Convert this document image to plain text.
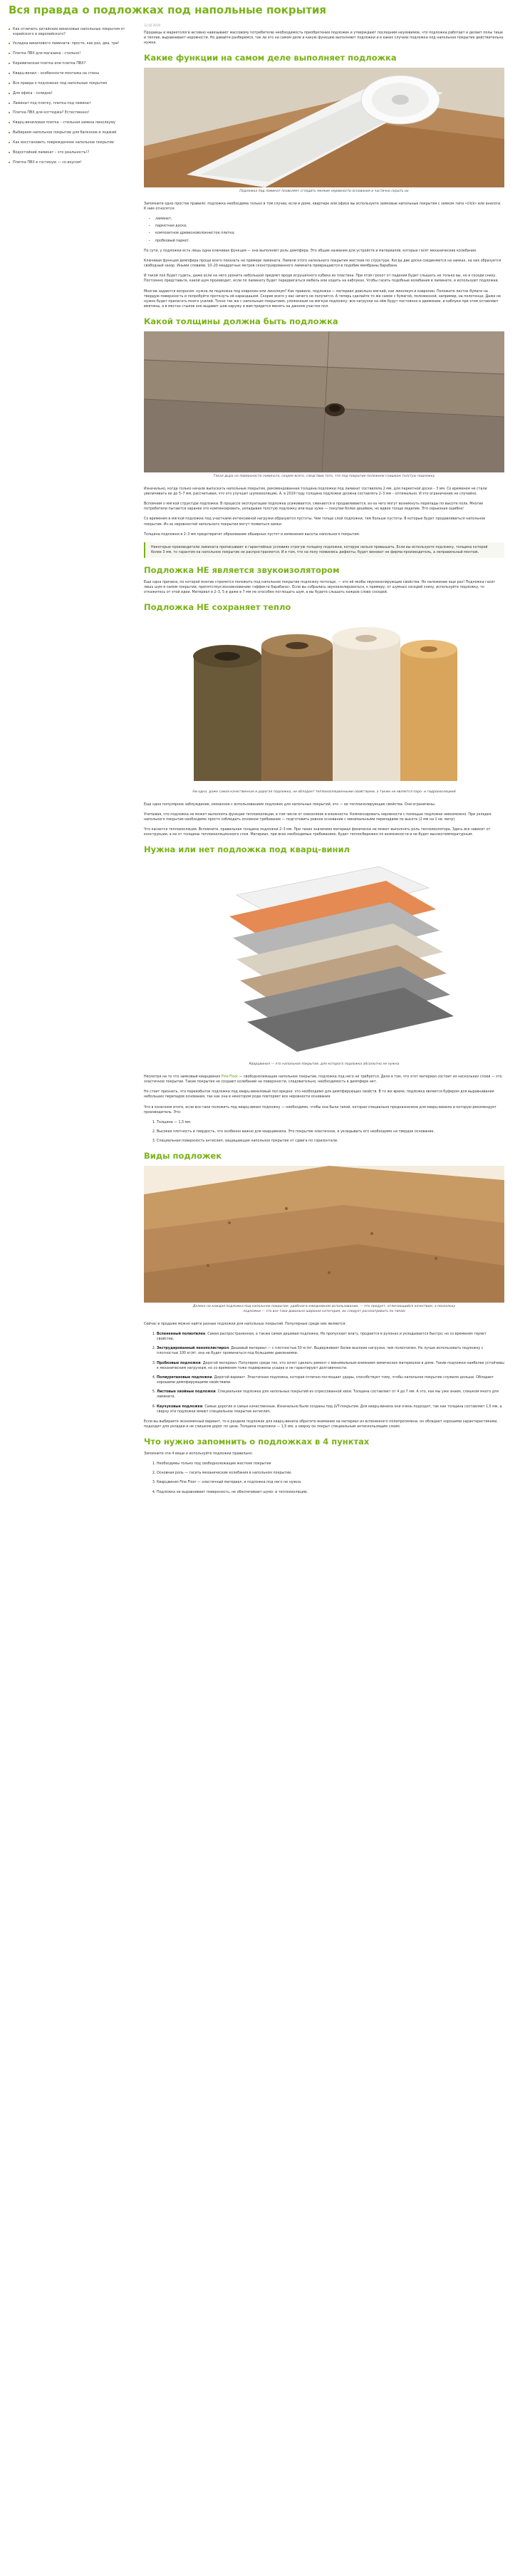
Вся правда о подложках под напольные покрытия
Как отличить китайские виниловые напольные покрытия от корейского и европейского?
Укладка винилового ламината: просто, как раз, два, три!
Плитка ПВХ для магазина - стильно!
Керамическая плитка или плитка ПВХ?
Кварц-винил – особенности монтажа на стены
Вся правда о подложках под напольные покрытия
Для офиса - солидно!
Ламинат под плитку, плитка под ламинат
Плитка ПВХ для коттеджа? Естественно!
Кварц-виниловая плитка – стильная замена линолеуму
Выбираем напольное покрытие для балконов и лоджий
Как восстановить поврежденное напольное покрытие
Водостойкий ламинат – это реальность!?
Плитка ПВХ в гостиную — со вкусом!
12.02.2019

Продавцы и маркетологи активно навязывают массовому потребителю необходимость приобретения подложек и утверждают последним неуязвимое, что подложка работает и делает полы тише и теплее, выравнивает неровности. Но давайте разберемся, так ли это на самом деле и какую функцию выполняют подложки и в каких случаях подложка под напольное покрытие действительно нужна.

Какие функции на самом деле выполняет подложка
Подложка под ламинат позволяет сгладить мелкие неровности основания и частично скрыть их

Запомните одно простое правило: подложка необходима только в том случае, если в доме, квартире или офисе вы используете замковые напольные покрытия с замком типа «click» или аналоги. К ним относятся:

• ламинат;
• паркетная доска;
• композитное древесноволокнистое плитка;
• пробковый паркет.

По сути, у подложки есть лишь одна ключевая функция — она выполняет роль демпфера. Это общие названия для устройств и материалов, которые гасят механические колебания.

Ключевая функция демпфера проще всего показать на примере ламината. Ламели этого напольного покрытия жесткие по структуре. Когда две доски соединяются на замках, на них образуется свободный зазор. Иными словами, 10–20 квадратных метров сконструированного ламината превращаются в подобие мембраны барабана.

И такой пол будет гудеть, даже если на него уронить небольшой предмет вроде игрушечного кубика из пластика. При этом грохот от падения будет слышать не только вы, но и соседи снизу. Постоянно представьте, какой шум производит, если по ламинату будет передвигаться мебель или ходить на каблуках. Чтобы гасить подобные колебания в ламинате, и используют подложки.

Многие задаются вопросом: нужна ли подложка под ковролин или линолеум? Как правило, подложка — материал довольно мягкий, как линолеум и ковролин. Положите листок бумаги на твердую поверхность и попробуйте проткнуть её карандашом. Скорее всего у вас ничего не получится. А теперь сделайте то же самое с бумагой, положенной, например, на полотенце. Даже не нужно будет прилагать много усилий. Точно так же с напольным покрытием, уложенным на мягкую подложку: все нагрузки на нём будут постоянно в движении, и каблуки при этом оставляют вмятины, а в местах стыков оно выдавит шов наружу и вам придется менять на данном участке пол.

Какой толщины должна быть подложка
Такая дыра на поверхности ламината, скорее всего, следствие того, что под покрытие положили слишком толстую подложку

Изначально, когда только начали выпускать напольные покрытия, рекомендованная толщина подложки под ламинат составляла 2 мм, для паркетной доски – 3 мм. Со временем не стали увеличивать ее до 5–7 мм, рассчитывая, что это улучшит шумоизоляцию. А, в 2019 году толщина подложки должна составлять 2–3 мм – оптимально. И это ограничение не случайно.

Вспомним о мягкой структуре подложки. В процессе эксплуатации подложка усаживается, сминается и продавливается, из-за чего могут возникнуть перепады по высоте пола. Многие потребители пытаются заранее это компенсировать, укладывая толстую подложку или еще хуже — покупая более дешёвое, но вдвое толще изделие. Это серьезная ошибка!

Со временем в мягкой подложке под участками интенсивной нагрузки образуются пустоты. Чем толще слой подложки, тем больше пустоты. В которые будет продавливаться напольное покрытие. Из-за неровностей напольного покрытия могут появиться замки.

Толщина подложки в 2–3 мм предотвратит образование обширных пустот и изменения высоты напольного покрытия.

Некоторые производители ламината прописывают в гарантийных условиях строгую толщину подложки, которую нельзя превышать. Если вы используете подложку, толщина которой более 3 мм, то гарантия на напольное покрытие не распространяется. И в том, что на полу появились дефекты, будет виноват не фирма-производитель, а неправильный монтаж.
Подложка НЕ является звукоизолятором

Еще одна причина, по которой многие стремятся положить под напольное покрытие подложку потолще, — это её якобы звукоизолирующие свойства. Но наложение еще раз! Подложка гасит лишь шум в самом покрытии, препятствуя возникновению «эффекта барабана». Если вы собрались звукоизолироваться, к примеру, от шумных соседей снизу, используйте подложку, то откажитесь от этой идеи. Материал в 2–3, 5 и даже в 7 мм не способен поглощать шум, а вы будете слышать каждое слово соседей.

Подложка НЕ сохраняет тепло
Ни одна, даже самая качественная и дорогая подложка, не обладает теплоизоляционными свойствами, а также не является паро- и гидроизоляцией

Еще одно популярное заблуждение, связанное с использованием подложек для напольных покрытий, это — ее теплоизолирующие свойства. Они ограничены.

Учитывая, что подложка не может выполнять функции теплоизоляции, в том числе от сквозняков и влажности. Компенсировать неровности с помощью подложки невозможно. При укладке напольного покрытия необходимо просто соблюдать основное требование — подготовить ровное основание с минимальными перепадами по высоте (2 мм на 1 кв. метр).

Что касается теплоизоляции. Вспомните, правильная толщина подложки 2–3 мм. При таких значениях материал физически не может выполнять роль теплоизолятора. Здесь все зависит от конструкции, а не от толщины теплоизоляционного слоя. Материал, при всех необходимых требованиях, будет теплосбережен по возможности и не будет высокотемпературным.

Нужна или нет подложка под кварц-винил
Кварцвинил — это напольное покрытие, для которого подложка абсолютно не нужна

Несмотря на то что замковый кварцвинил Fine Floor — свободнолежащее напольное покрытие, подложка под него не требуется. Дело в том, что этот материал состоит из нескольких слоев — это эластичное покрытие. Такие покрытия не создают колебаний на поверхности, следовательно, необходимость в демпфере нет.

Но стоит признать, что переизбыток подложки под кварц-виниловый пол вредно: это необходимо для демпфирующих свойств. В то же время, подложка является буфером для выравнивания небольших перепадов основания, так как она в некотором роде повторяет все неровности основания.

Что в конечном итоге, если все-таки положить под кварц-винил подложку — необходимо, чтобы она была такой, которая специально предназначена для кварц-винила и которую рекомендует производитель. Это:

1. Толщина — 1,5 мм.
2. Высокая плотность и твердость, что особенно важно для кварцвинила. Это покрытие эластичное, и укладывать его необходимо на твердое основание.
3. Специальная поверхность антислип, защищающая напольное покрытие от сдвига по горизонтали.
Виды подложек
Далеко не каждая подложка под напольное покрытие, удобная в ежедневном использовании, — это продукт, отличающийся качеством, а поскольку подложки — это все таки довольно широкая категория, их следует рассматривать по типам

Сейчас в продаже можно найти разные подложки для напольных покрытий. Популярные среди них являются:

1. Вспененный полиэтилен. Самая распространенная, а также самая дешевая подложка. Не пропускает влагу, продается в рулонах и укладывается быстро, но со временем теряет свойства.
2. Экструдированный пенополистирол. Дешевый материал — с плотностью 50 кг/м³. Выдерживает более высокие нагрузки, чем полиэтилен. Но лучше использовать подложку с плотностью 100 кг/м³, она не будет проминаться под большими давлениями.
3. Пробковые подложки. Дорогой материал. Популярен среди тех, кто хочет сделать ремонт с минимальным влиянием химических материалов в доме. Такие подложки наиболее устойчивы к механическим нагрузкам, но со временем тоже подвержены усадке и не гарантируют долговечности.
4. Полиуретановые подложки. Дорогой вариант. Эластичная подложка, которая отлично поглощает удары, способствует тому, чтобы напольное покрытие служило дольше. Обладает хорошими демпфирующими свойствами.
5. Листовые хвойные подложки. Специальная подложка для напольных покрытий из спрессованной хвои. Толщина составляет от 4 до 7 мм. А это, как мы уже знаем, слишком много для ламината.
6. Каучуковые подложки. Самые дорогие и самые качественные. Изначально были созданы под LVT-покрытия. Для кварц-винила они очень подходят, так как толщина составляет 1,5 мм, а сверху эти подложки имеют специальное покрытие антислип.

Если вы выбираете экономичный вариант, то в разделе подложек для кварц-винила обратите внимание на материал из вспененного полипропилена: он обладает хорошими характеристиками, подходит для укладки и не слишком дорог по цене. Толщина подложки — 1,5 мм, а сверху он покрыт специальным антискользящим слоем.

Что нужно запомнить о подложках в 4 пунктах

Запомните эти 4 вещи и используйте подложки правильно:

1. Необходимы только под свободнолежащие жесткие покрытия
2. Основная роль — гасить механические колебания в напольном покрытии.
3. Кварцвинил Fine Floor — эластичный материал, и подложка под него не нужна.
4. Подложка не выравнивает поверхность, не обеспечивает шумо- и теплоизоляцию.
